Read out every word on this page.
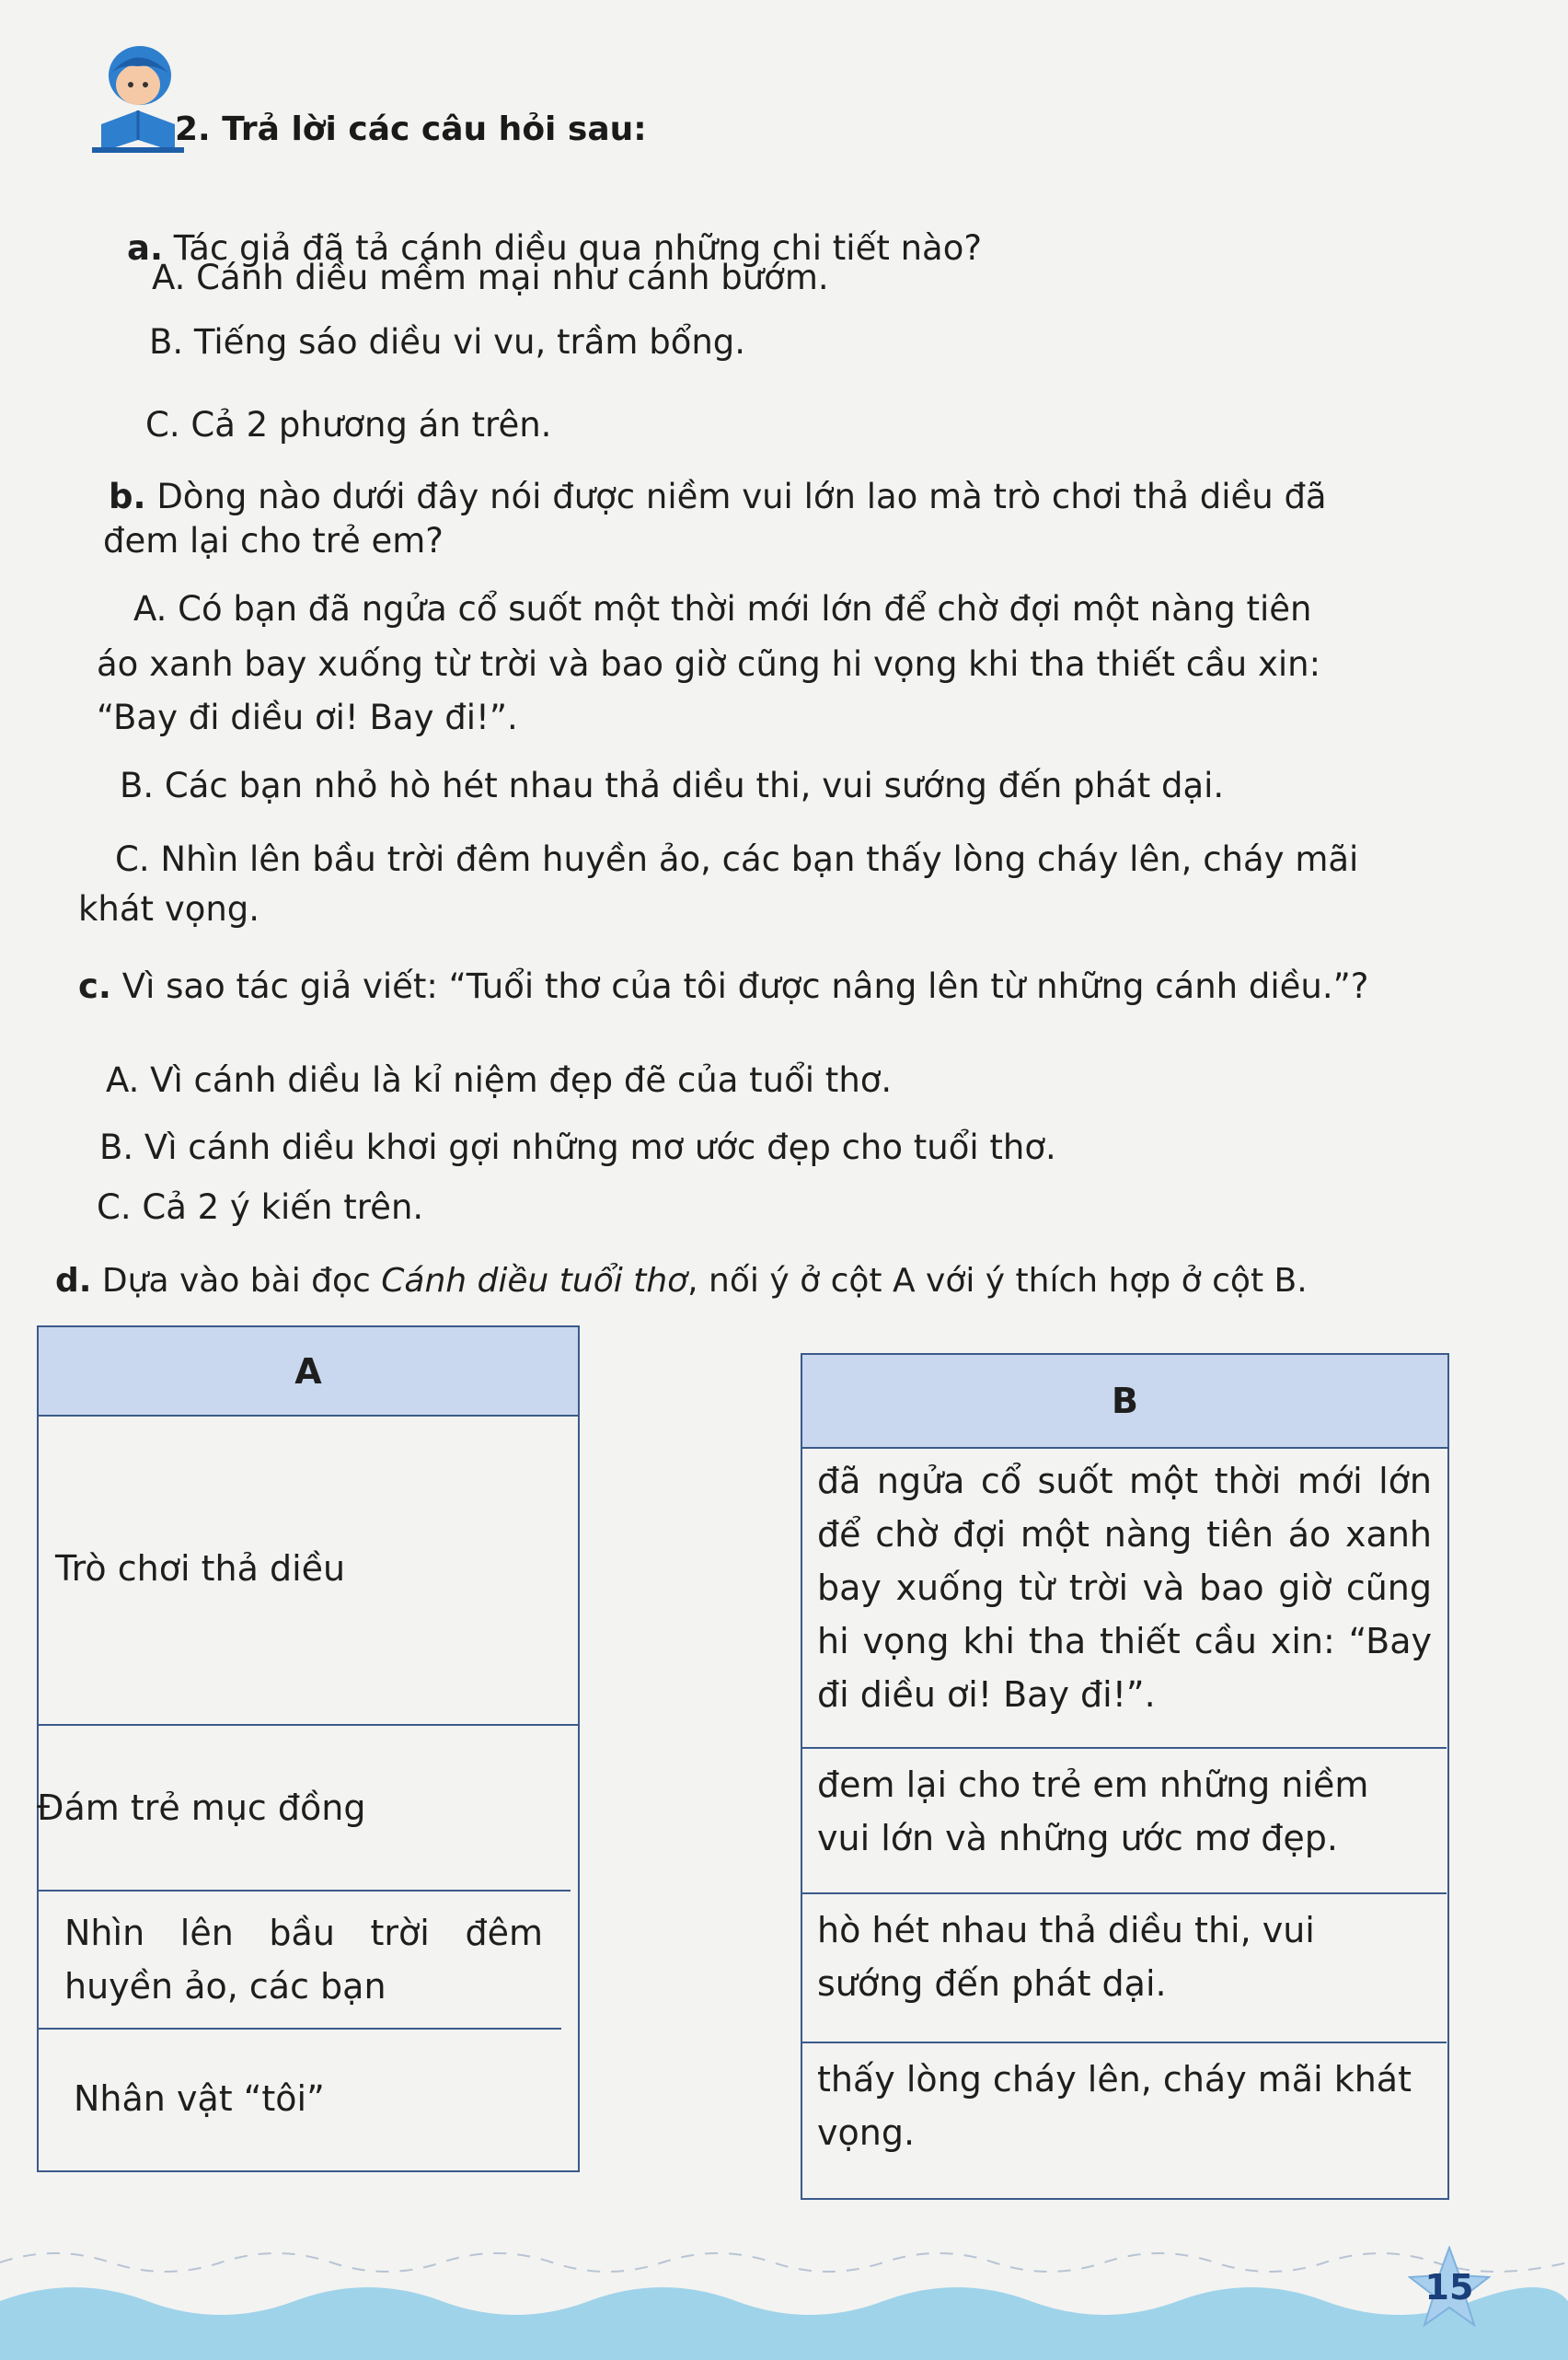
2. Trả lời các câu hỏi sau:
a. Tác giả đã tả cánh diều qua những chi tiết nào?
A. Cánh diều mềm mại như cánh bướm.
B. Tiếng sáo diều vi vu, trầm bổng.
C. Cả 2 phương án trên.
b. Dòng nào dưới đây nói được niềm vui lớn lao mà trò chơi thả diều đã
đem lại cho trẻ em?
A. Có bạn đã ngửa cổ suốt một thời mới lớn để chờ đợi một nàng tiên
áo xanh bay xuống từ trời và bao giờ cũng hi vọng khi tha thiết cầu xin:
“Bay đi diều ơi! Bay đi!”.
B. Các bạn nhỏ hò hét nhau thả diều thi, vui sướng đến phát dại.
C. Nhìn lên bầu trời đêm huyền ảo, các bạn thấy lòng cháy lên, cháy mãi
khát vọng.
c. Vì sao tác giả viết: “Tuổi thơ của tôi được nâng lên từ những cánh diều.”?
A. Vì cánh diều là kỉ niệm đẹp đẽ của tuổi thơ.
B. Vì cánh diều khơi gợi những mơ ước đẹp cho tuổi thơ.
C. Cả 2 ý kiến trên.
d. Dựa vào bài đọc Cánh diều tuổi thơ, nối ý ở cột A với ý thích hợp ở cột B.
A
Trò chơi thả diều
Đám trẻ mục đồng
Nhìn lên bầu trời đêm huyền ảo, các bạn
Nhân vật “tôi”
B
đã ngửa cổ suốt một thời mới lớn để chờ đợi một nàng tiên áo xanh bay xuống từ trời và bao giờ cũng hi vọng khi tha thiết cầu xin: “Bay đi diều ơi! Bay đi!”.
đem lại cho trẻ em những niềm vui lớn và những ước mơ đẹp.
hò hét nhau thả diều thi, vui sướng đến phát dại.
thấy lòng cháy lên, cháy mãi khát vọng.
15
